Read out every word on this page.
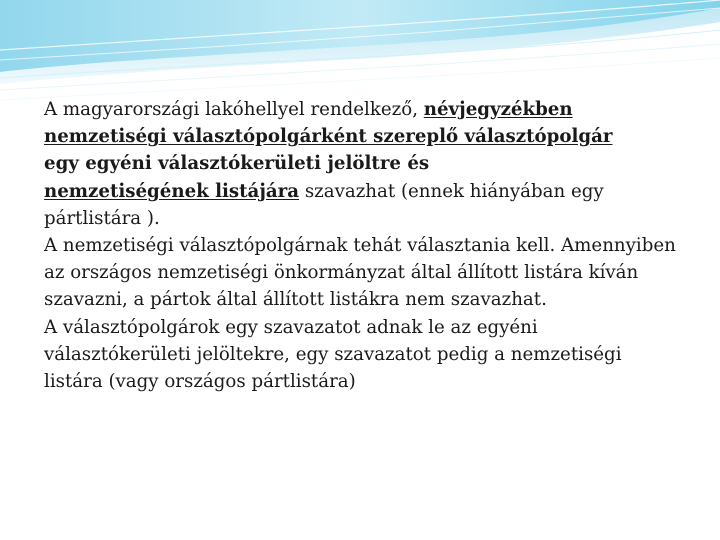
A magyarországi lakóhellyel rendelkező, névjegyzékben nemzetiségi választópolgárként szereplő választópolgár

egy egyéni választókerületi jelöltre és

nemzetiségének listájára szavazhat (ennek hiányában egy pártlistára ).

A nemzetiségi választópolgárnak tehát választania kell. Amennyiben az országos nemzetiségi önkormányzat által állított listára kíván szavazni, a pártok által állított listákra nem szavazhat.

A választópolgárok egy szavazatot adnak le az egyéni választókerületi jelöltekre, egy szavazatot pedig a nemzetiségi listára (vagy országos pártlistára)
